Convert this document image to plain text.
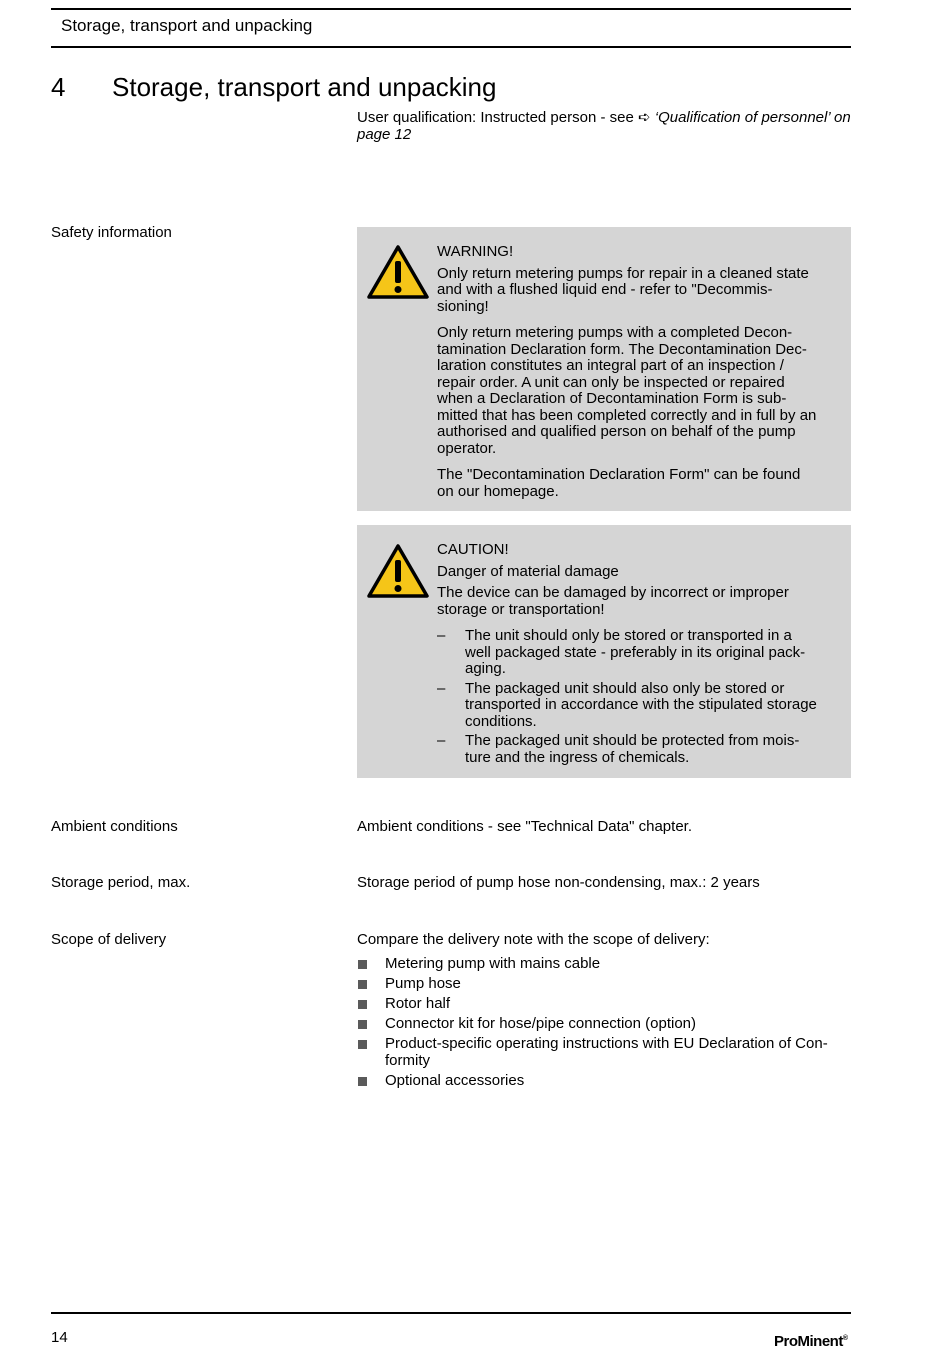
Storage, transport and unpacking
4 Storage, transport and unpacking
User qualification: Instructed person - see ➪ ‘Qualification of personnel’ on page 12
Safety information

WARNING!

Only return metering pumps for repair in a cleaned state and with a flushed liquid end - refer to "Decommis-sioning!

Only return metering pumps with a completed Decon-tamination Declaration form. The Decontamination Dec-laration constitutes an integral part of an inspection / repair order. A unit can only be inspected or repaired when a Declaration of Decontamination Form is sub-mitted that has been completed correctly and in full by an authorised and qualified person on behalf of the pump operator.

The "Decontamination Declaration Form" can be found on our homepage.

CAUTION!

Danger of material damage

The device can be damaged by incorrect or improper storage or transportation!

– The unit should only be stored or transported in a well packaged state - preferably in its original pack-aging.
– The packaged unit should also only be stored or transported in accordance with the stipulated storage conditions.
– The packaged unit should be protected from mois-ture and the ingress of chemicals.
Ambient conditions	Ambient conditions - see "Technical Data" chapter.
Storage period, max.	Storage period of pump hose non-condensing, max.: 2 years
Scope of delivery	Compare the delivery note with the scope of delivery:
Metering pump with mains cable
Pump hose
Rotor half
Connector kit for hose/pipe connection (option)
Product-specific operating instructions with EU Declaration of Con-formity
Optional accessories
14	ProMinent®
